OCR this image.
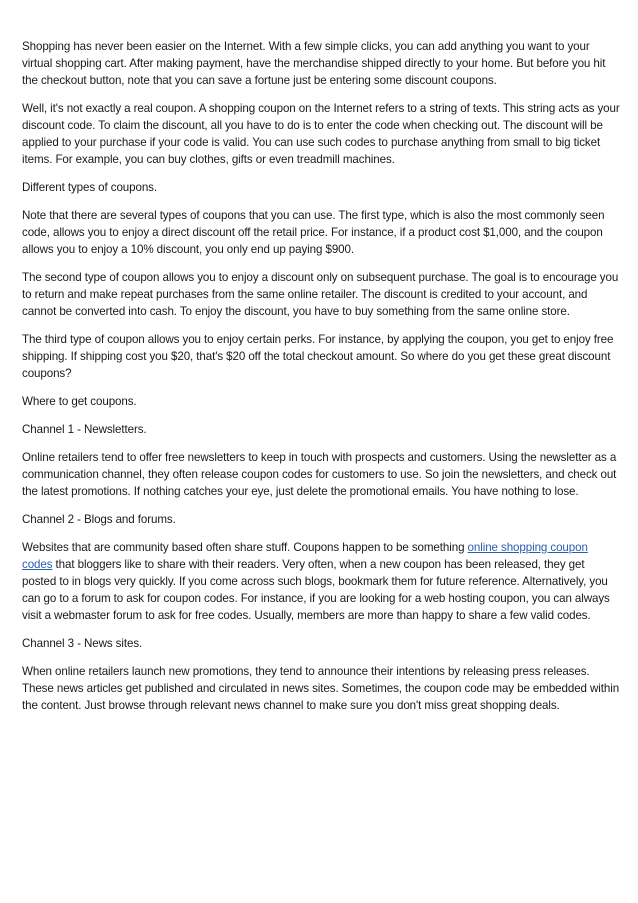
Shopping has never been easier on the Internet. With a few simple clicks, you can add anything you want to your virtual shopping cart. After making payment, have the merchandise shipped directly to your home. But before you hit the checkout button, note that you can save a fortune just be entering some discount coupons.

Well, it's not exactly a real coupon. A shopping coupon on the Internet refers to a string of texts. This string acts as your discount code. To claim the discount, all you have to do is to enter the code when checking out. The discount will be applied to your purchase if your code is valid. You can use such codes to purchase anything from small to big ticket items. For example, you can buy clothes, gifts or even treadmill machines.

Different types of coupons.

Note that there are several types of coupons that you can use. The first type, which is also the most commonly seen code, allows you to enjoy a direct discount off the retail price. For instance, if a product cost $1,000, and the coupon allows you to enjoy a 10% discount, you only end up paying $900.

The second type of coupon allows you to enjoy a discount only on subsequent purchase. The goal is to encourage you to return and make repeat purchases from the same online retailer. The discount is credited to your account, and cannot be converted into cash. To enjoy the discount, you have to buy something from the same online store.

The third type of coupon allows you to enjoy certain perks. For instance, by applying the coupon, you get to enjoy free shipping. If shipping cost you $20, that's $20 off the total checkout amount. So where do you get these great discount coupons?

Where to get coupons.

Channel 1 - Newsletters.

Online retailers tend to offer free newsletters to keep in touch with prospects and customers. Using the newsletter as a communication channel, they often release coupon codes for customers to use. So join the newsletters, and check out the latest promotions. If nothing catches your eye, just delete the promotional emails. You have nothing to lose.

Channel 2 - Blogs and forums.

Websites that are community based often share stuff. Coupons happen to be something online shopping coupon codes that bloggers like to share with their readers. Very often, when a new coupon has been released, they get posted to in blogs very quickly. If you come across such blogs, bookmark them for future reference. Alternatively, you can go to a forum to ask for coupon codes. For instance, if you are looking for a web hosting coupon, you can always visit a webmaster forum to ask for free codes. Usually, members are more than happy to share a few valid codes.

Channel 3 - News sites.

When online retailers launch new promotions, they tend to announce their intentions by releasing press releases. These news articles get published and circulated in news sites. Sometimes, the coupon code may be embedded within the content. Just browse through relevant news channel to make sure you don't miss great shopping deals.
